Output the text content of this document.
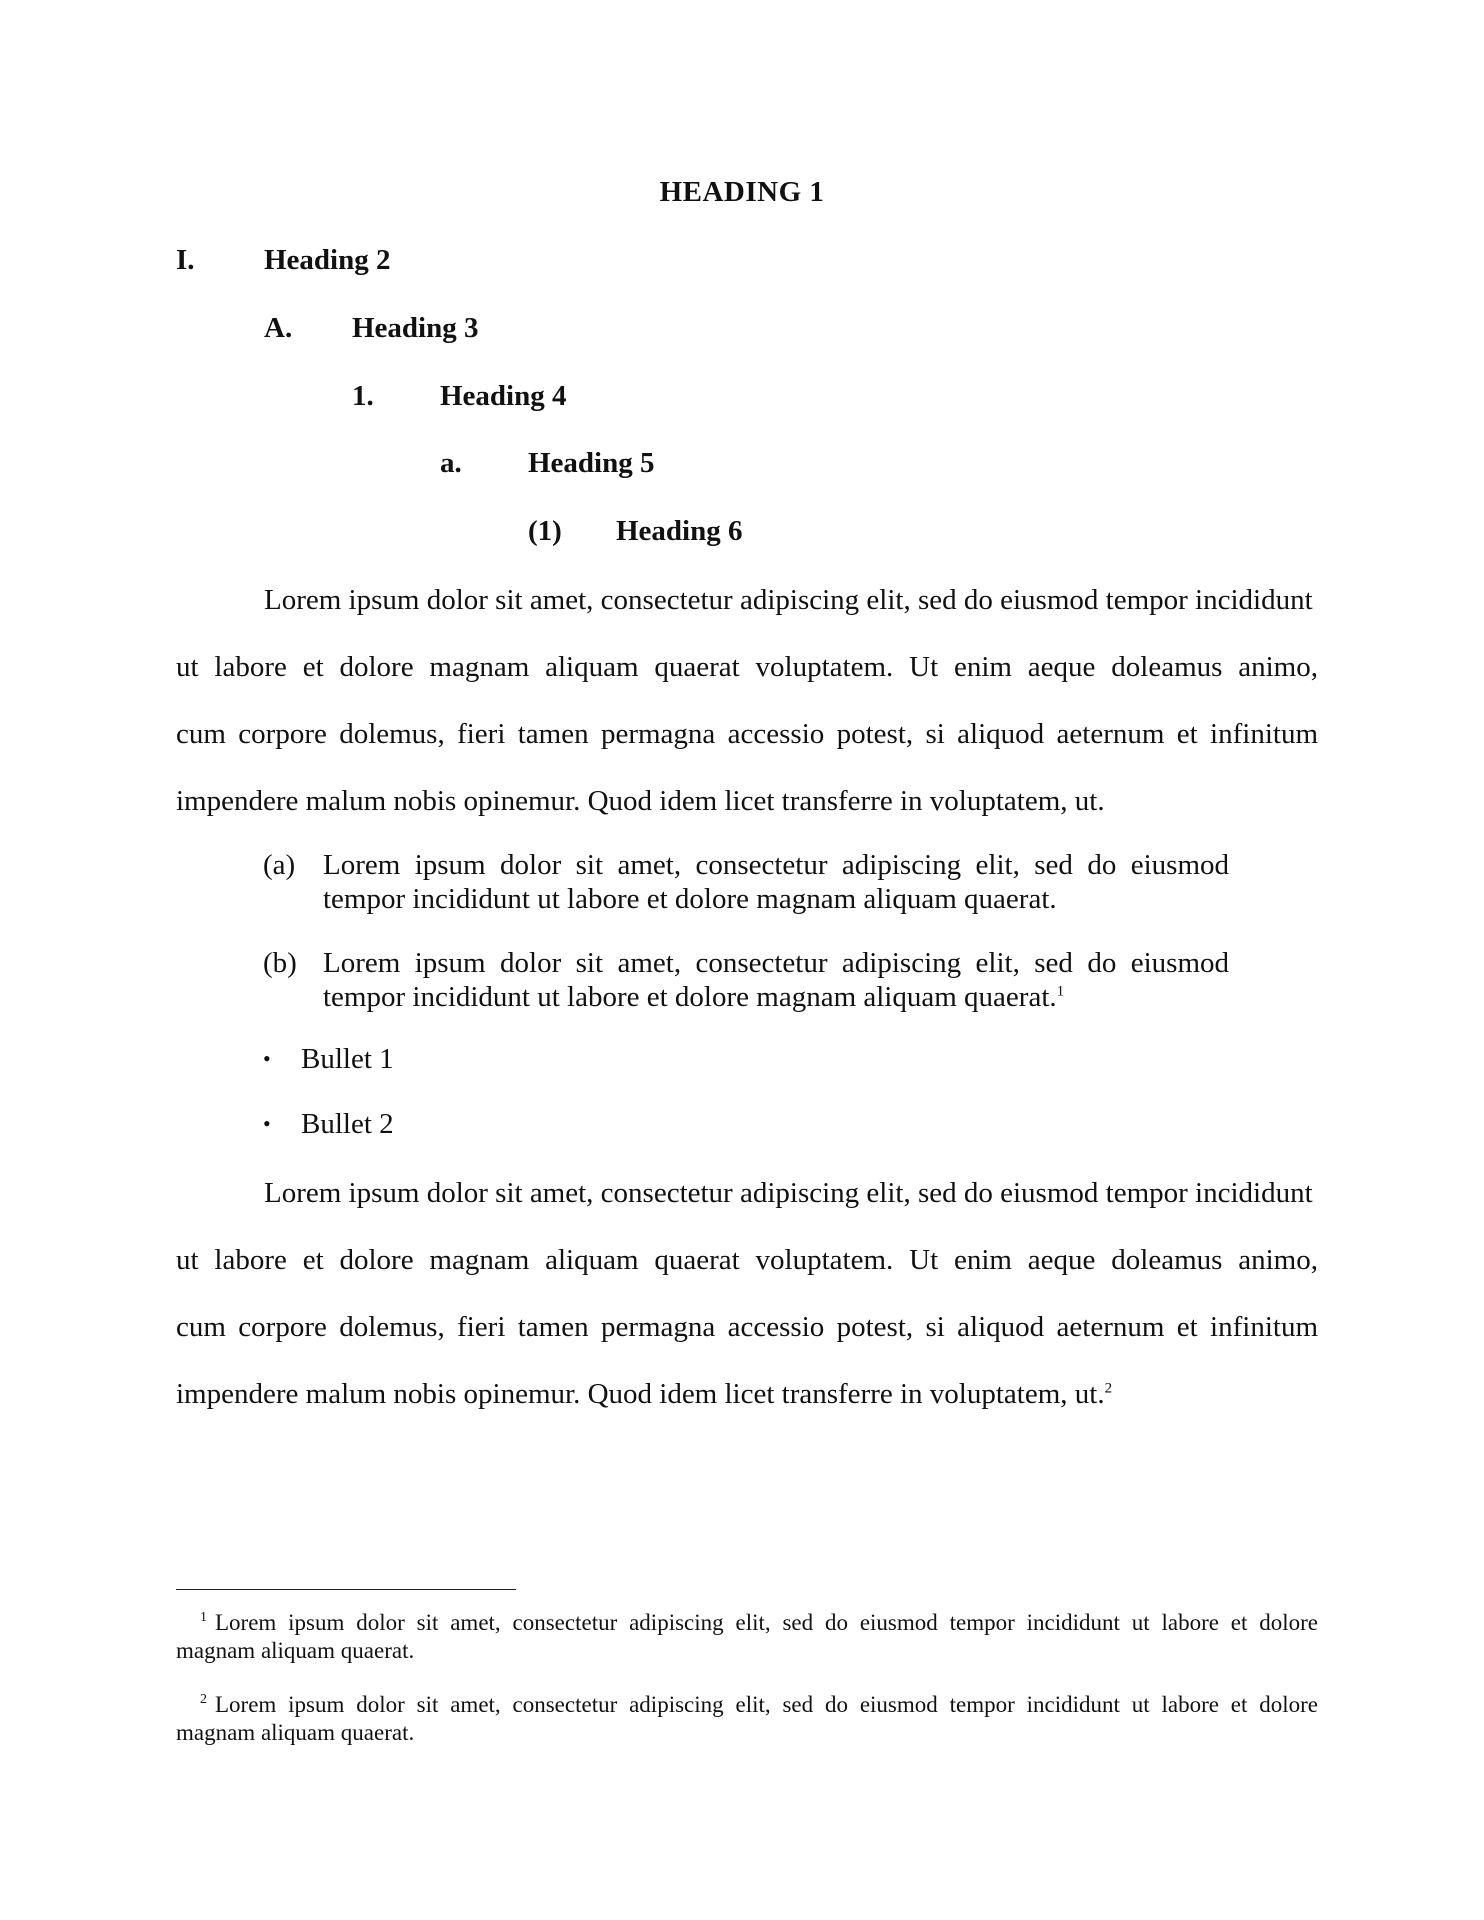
HEADING 1
I. Heading 2
A. Heading 3
1. Heading 4
a. Heading 5
(1) Heading 6
Lorem ipsum dolor sit amet, consectetur adipiscing elit, sed do eiusmod tempor incididunt
ut labore et dolore magnam aliquam quaerat voluptatem. Ut enim aeque doleamus animo,
cum corpore dolemus, fieri tamen permagna accessio potest, si aliquod aeternum et infinitum
impendere malum nobis opinemur. Quod idem licet transferre in voluptatem, ut.
(a) Lorem ipsum dolor sit amet, consectetur adipiscing elit, sed do eiusmod
tempor incididunt ut labore et dolore magnam aliquam quaerat.
(b) Lorem ipsum dolor sit amet, consectetur adipiscing elit, sed do eiusmod
tempor incididunt ut labore et dolore magnam aliquam quaerat.$^1$
• Bullet 1
• Bullet 2
Lorem ipsum dolor sit amet, consectetur adipiscing elit, sed do eiusmod tempor incididunt
ut labore et dolore magnam aliquam quaerat voluptatem. Ut enim aeque doleamus animo,
cum corpore dolemus, fieri tamen permagna accessio potest, si aliquod aeternum et infinitum
impendere malum nobis opinemur. Quod idem licet transferre in voluptatem, ut.$^2$
$^1$ Lorem ipsum dolor sit amet, consectetur adipiscing elit, sed do eiusmod tempor incididunt ut labore et dolore
magnam aliquam quaerat.
$^2$ Lorem ipsum dolor sit amet, consectetur adipiscing elit, sed do eiusmod tempor incididunt ut labore et dolore
magnam aliquam quaerat.
